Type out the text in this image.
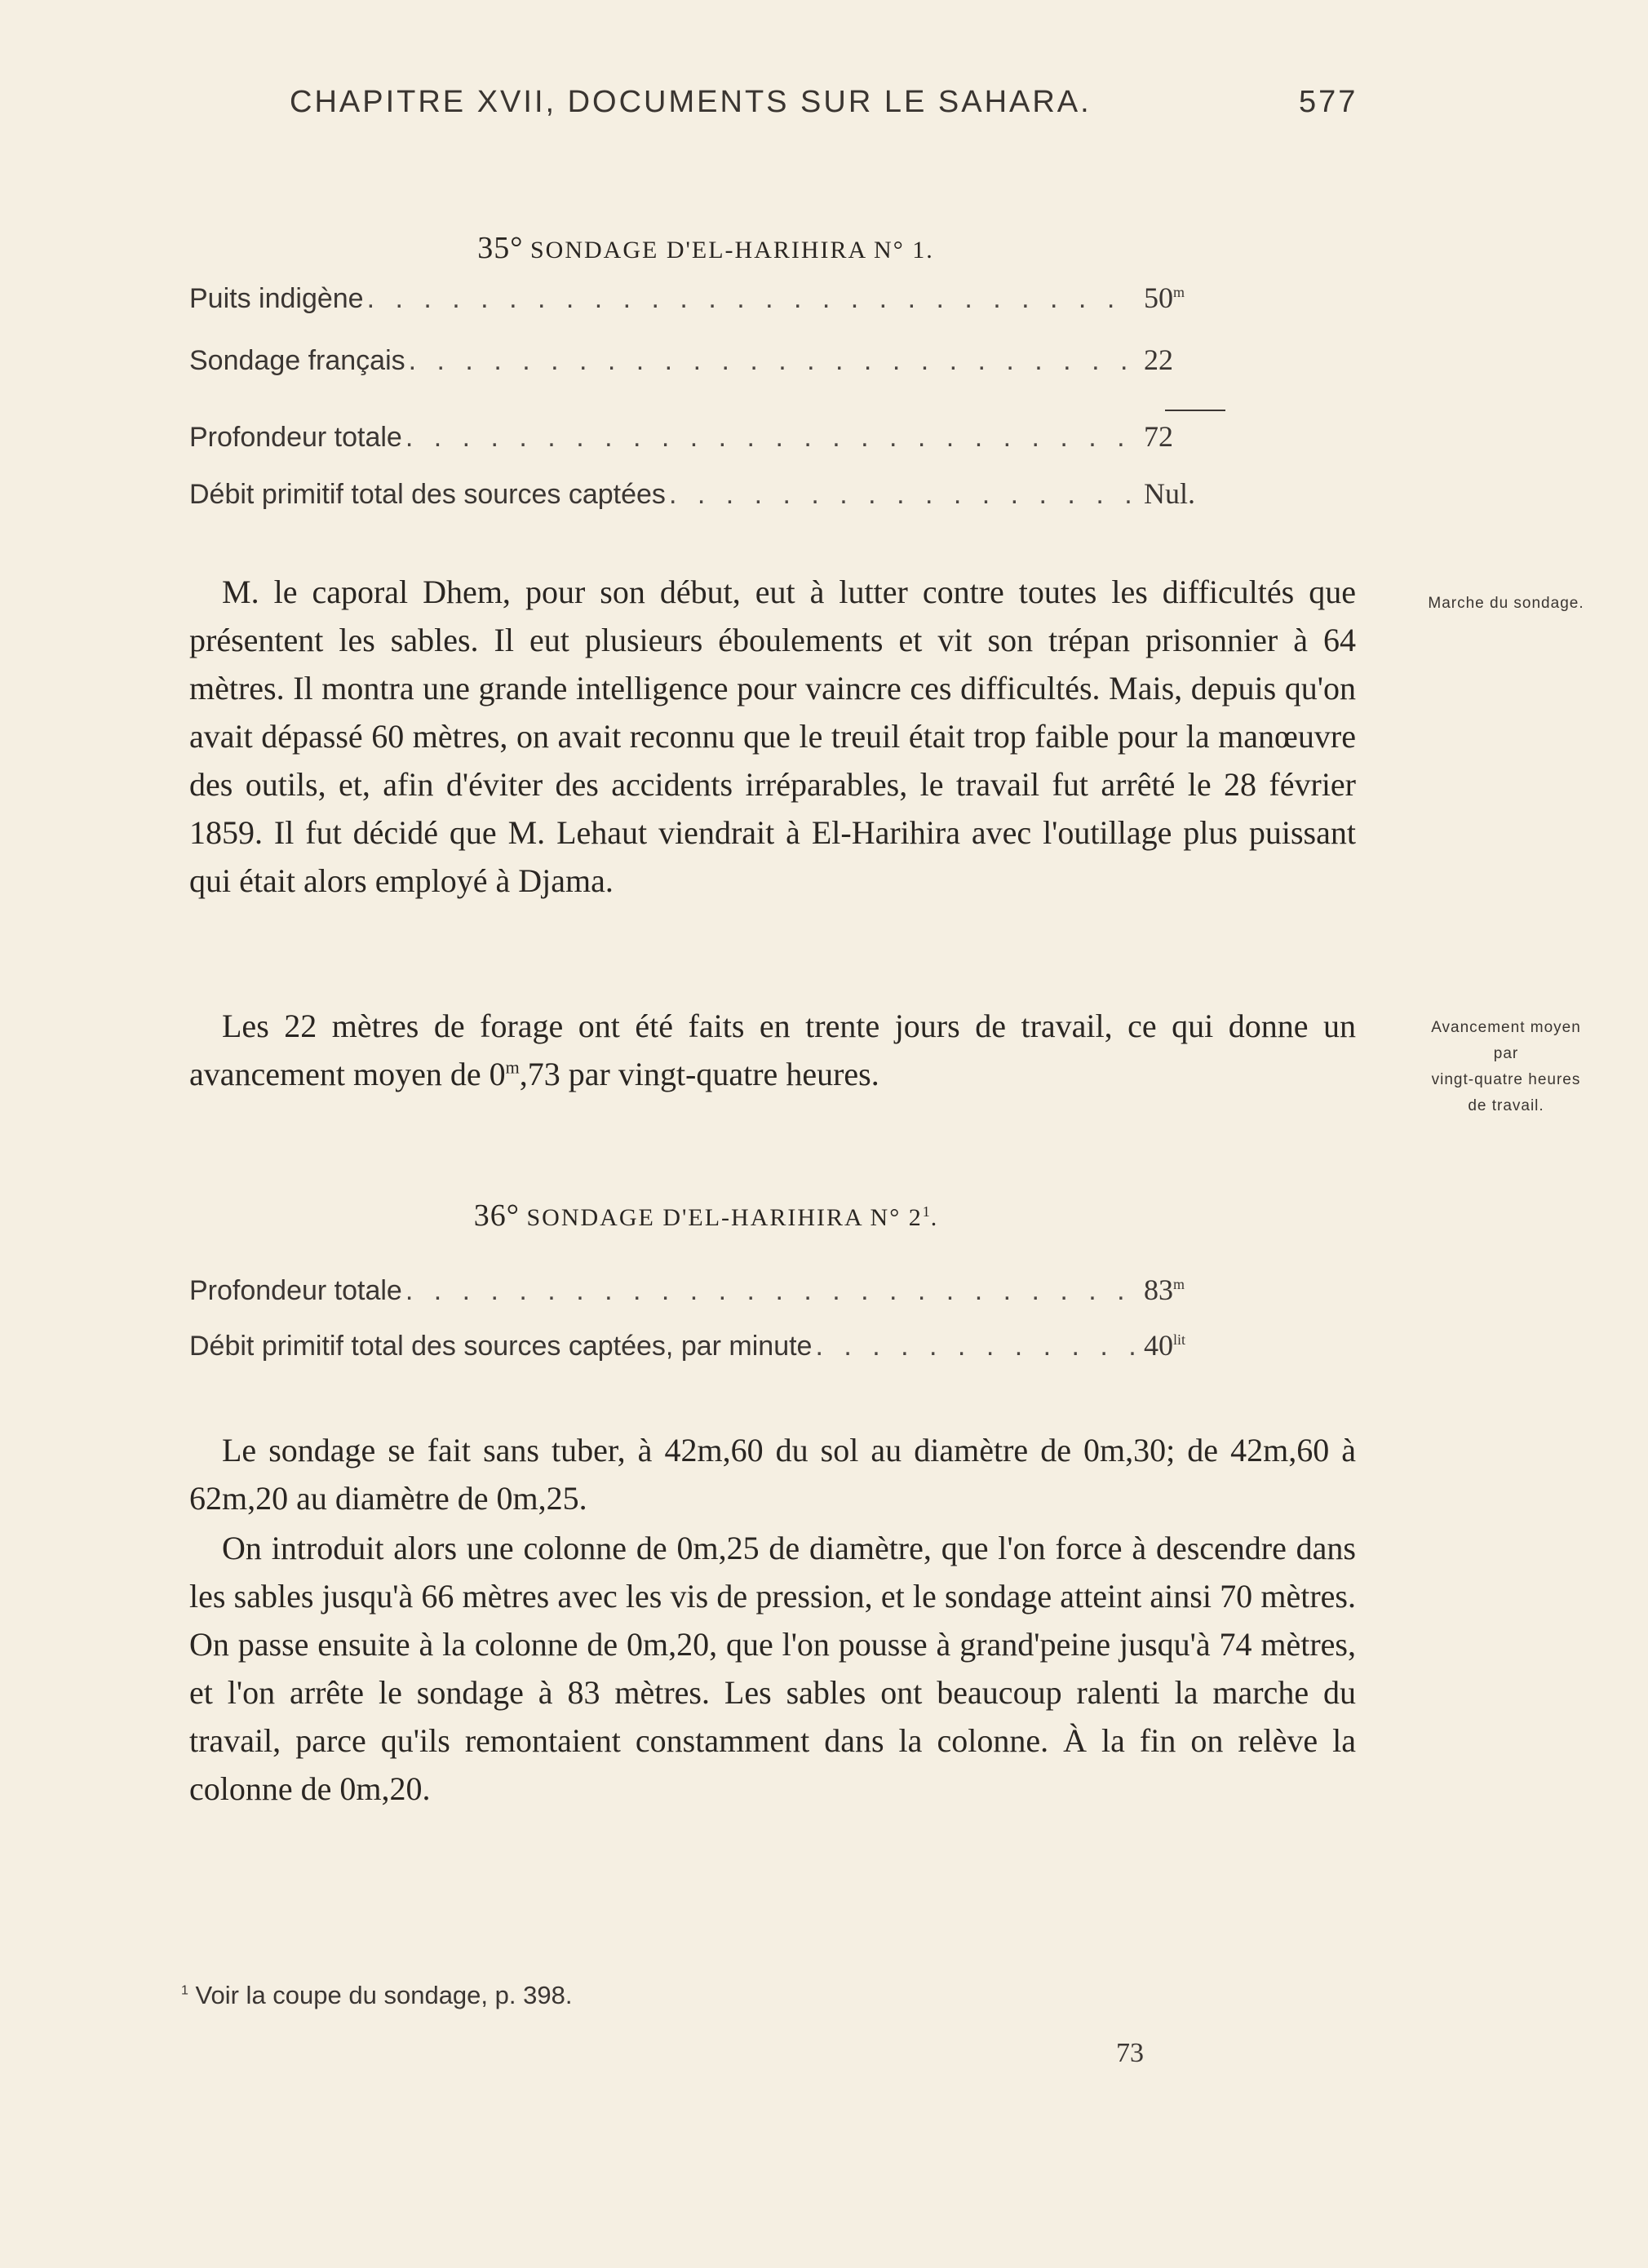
CHAPITRE XVII, DOCUMENTS SUR LE SAHARA.	577
35° SONDAGE D'EL-HARIHIRA N° 1.
Puits indigène . . .	50$^m$
Sondage français . . .	22
Profondeur totale . . .	72
Débit primitif total des sources captées . . .	Nul.

M. le caporal Dhem, pour son début, eut à lutter contre toutes les difficultés que présentent les sables. Il eut plusieurs éboulements et vit son trépan prisonnier à 64 mètres. Il montra une grande intelligence pour vaincre ces difficultés. Mais, depuis qu'on avait dépassé 60 mètres, on avait reconnu que le treuil était trop faible pour la manœuvre des outils, et, afin d'éviter des accidents irréparables, le travail fut arrêté le 28 février 1859. Il fut décidé que M. Lehaut viendrait à El-Harihira avec l'outillage plus puissant qui était alors employé à Djama.

Les 22 mètres de forage ont été faits en trente jours de travail, ce qui donne un avancement moyen de 0$^m$,73 par vingt-quatre heures.

Marche du sondage.
Avancement moyen
par
vingt-quatre heures
de travail.
36° SONDAGE D'EL-HARIHIRA N° $2^1$.
Profondeur totale . . .	83$^m$
Débit primitif total des sources captées, par minute . . .	$40^{lit}$

Le sondage se fait sans tuber, à 42m,60 du sol au diamètre de 0m,30; de 42m,60 à 62m,20 au diamètre de 0m,25.

On introduit alors une colonne de 0m,25 de diamètre, que l'on force à descendre dans les sables jusqu'à 66 mètres avec les vis de pression, et le sondage atteint ainsi 70 mètres. On passe ensuite à la colonne de 0m,20, que l'on pousse à grand'peine jusqu'à 74 mètres, et l'on arrête le sondage à 83 mètres. Les sables ont beaucoup ralenti la marche du travail, parce qu'ils remontaient constamment dans la colonne. À la fin on relève la colonne de 0m,20.

$^1$ Voir la coupe du sondage, p. 398.
73
